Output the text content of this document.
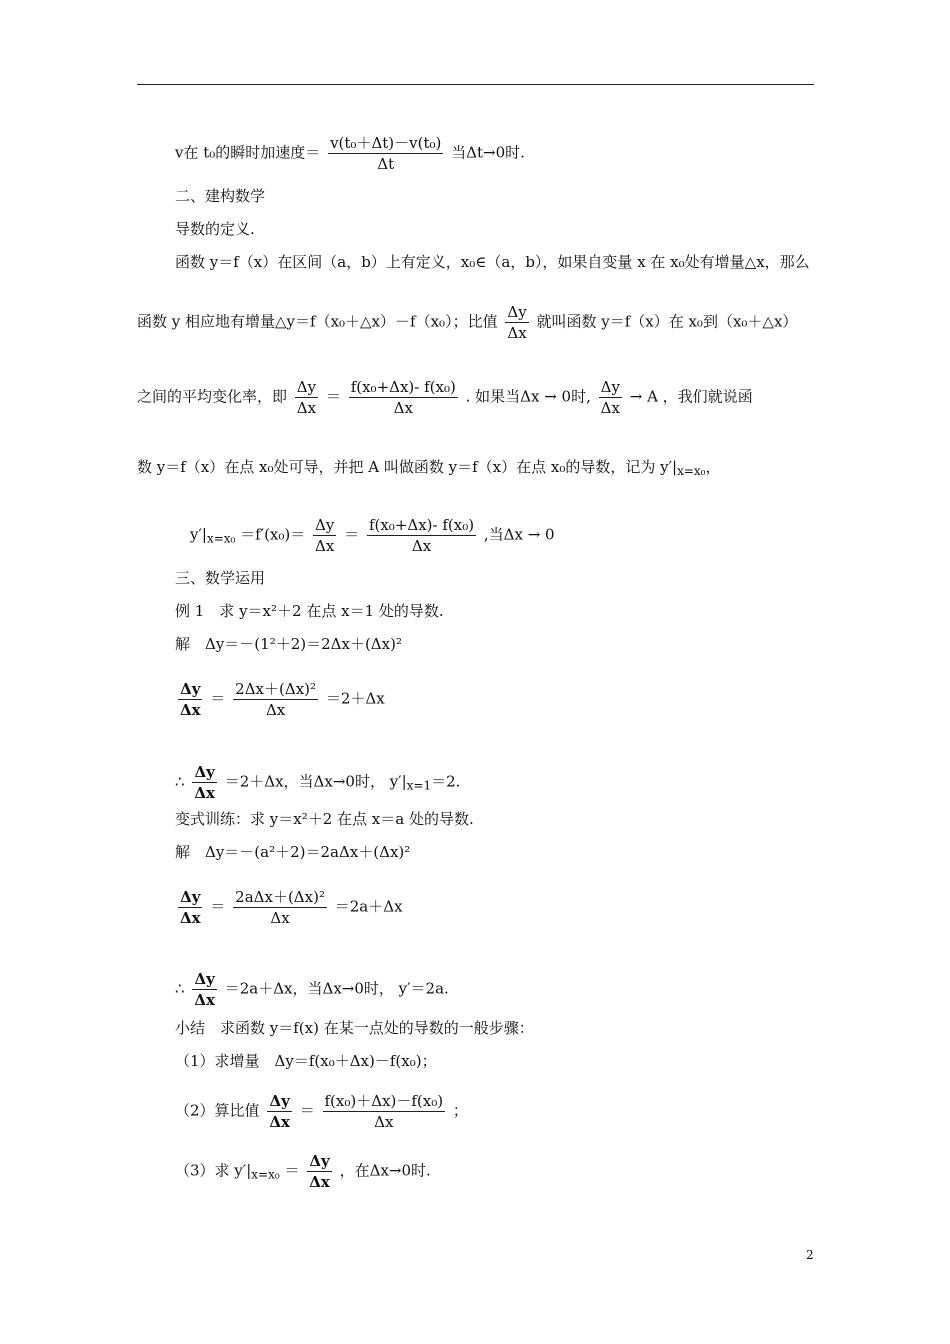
v在 t₀的瞬时加速度＝ $\frac{\text{v(t₀＋Δt)－v(t₀)}}{\Delta t}$ 当Δt→0时.
二、建构数学
导数的定义.
函数 y＝f（x）在区间（a，b）上有定义，x₀∈（a，b），如果自变量 x 在 x₀处有增量△x，那么
函数 y 相应地有增量△y＝f（x₀＋△x）－f（x₀）；比值 $\frac{\Delta y}{\Delta x}$ 就叫函数 y＝f（x）在 x₀到（x₀＋△x）
之间的平均变化率，即 $\frac{\Delta y}{\Delta x} = \frac{\text{f(x₀+Δx)- f(x₀)}}{\Delta x}$ . 如果当Δx → 0时, $\frac{\Delta y}{\Delta x} \to A$ ，我们就说函
数 y＝f（x）在点 x₀处可导，并把 A 叫做函数 y＝f（x）在点 x₀的导数，记为 $y'|_{x=x_0}$，
$y'|_{x=x_0} =f'(x_0)= \frac{\Delta y}{\Delta x} = \frac{\text{f(x₀+Δx)- f(x₀)}}{\Delta x}$ ,当Δx → 0
三、数学运用
例 1　求 y＝x²＋2 在点 x＝1 处的导数.
解　Δy＝－(1²＋2)＝2Δx＋(Δx)²
$\frac{\Delta y}{\Delta x} = \frac{\text{2Δx＋(Δx)²}}{\Delta x} =2+\Delta x$
∴ $\frac{\Delta y}{\Delta x} =2+\Delta x$，当Δx→0时， $y'|_{x=1}=2$.
变式训练：求 y＝x²＋2 在点 x＝a 处的导数.
解　Δy＝－(a²＋2)＝2aΔx＋(Δx)²
$\frac{\Delta y}{\Delta x} = \frac{\text{2aΔx＋(Δx)²}}{\Delta x} =2a+\Delta x$
∴ $\frac{\Delta y}{\Delta x} =2a+\Delta x$，当Δx→0时， y′＝2a.
小结　求函数 y＝f(x) 在某一点处的导数的一般步骤：
（1）求增量　Δy＝f(x₀＋Δx)－f(x₀)；
（2）算比值 $\frac{\Delta y}{\Delta x} = \frac{\text{f(x₀)＋Δx)－f(x₀)}}{\Delta x}$ ；
（3）求 $y'|_{x=x_0} = \frac{\Delta y}{\Delta x}$ ，在Δx→0时.
2
